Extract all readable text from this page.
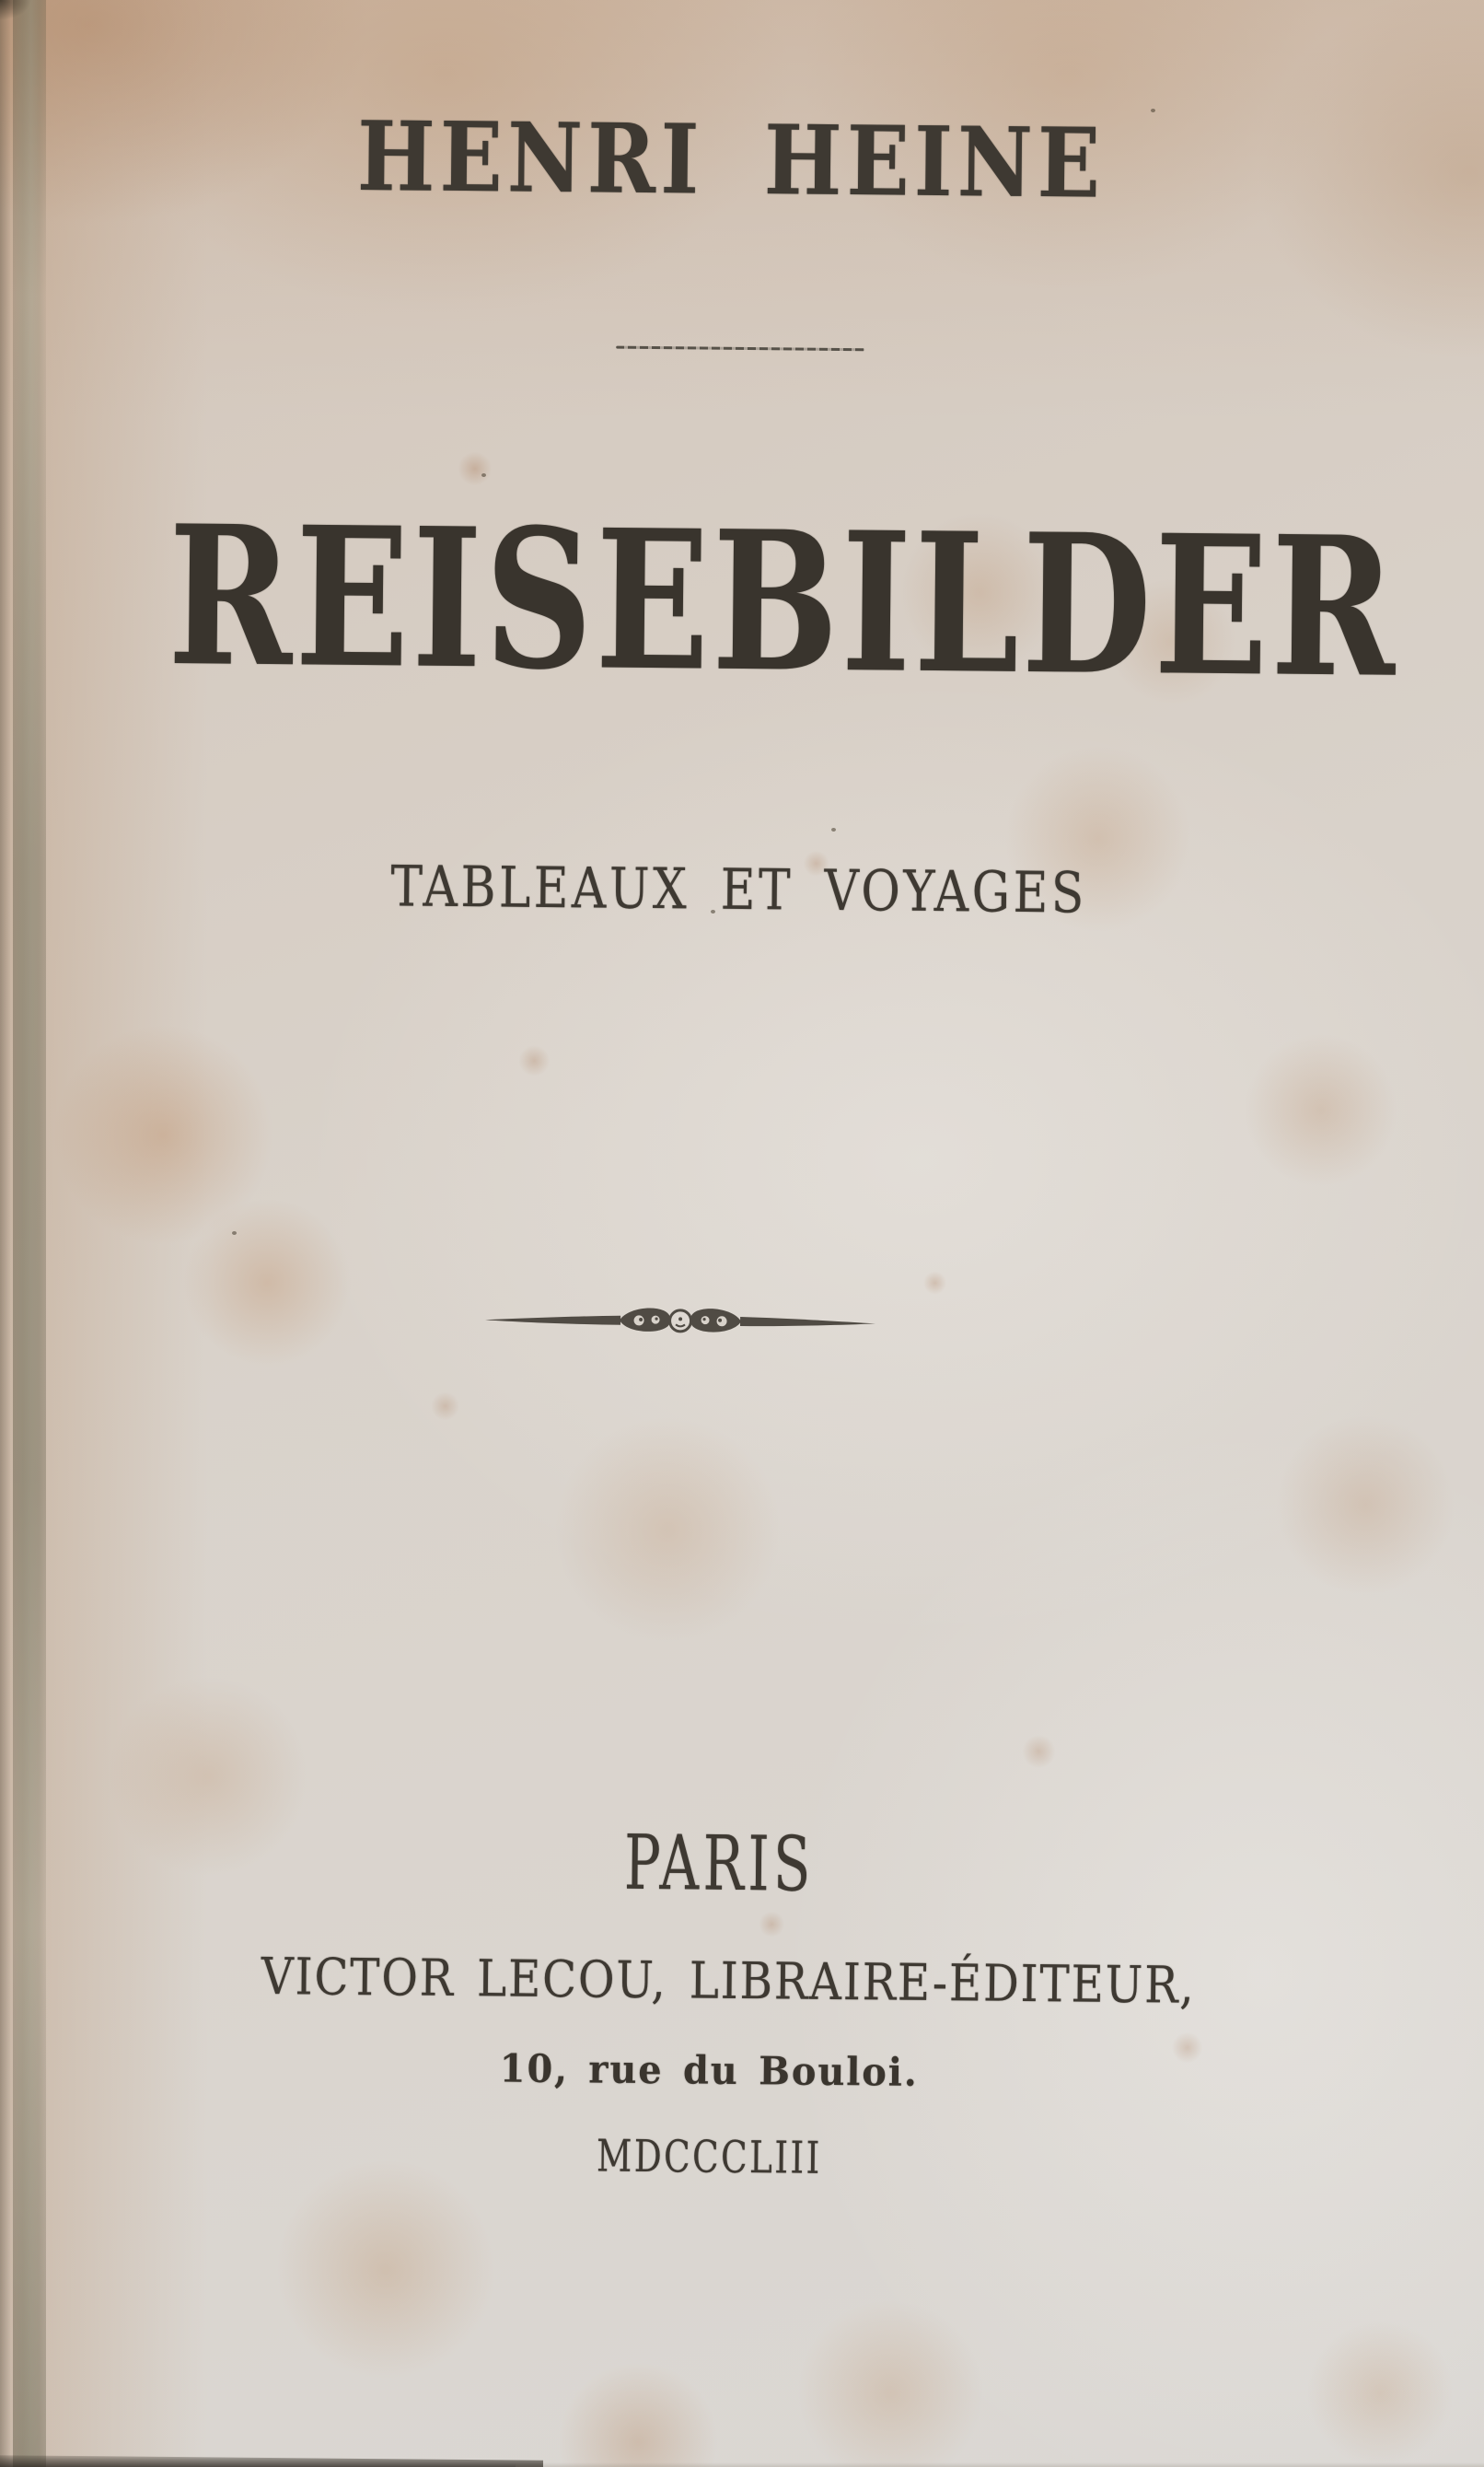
HENRI HEINE
REISEBILDER
TABLEAUX ET VOYAGES
PARIS
VICTOR LECOU, LIBRAIRE-ÉDITEUR,
10, rue du Bouloi.
MDCCCLIII
